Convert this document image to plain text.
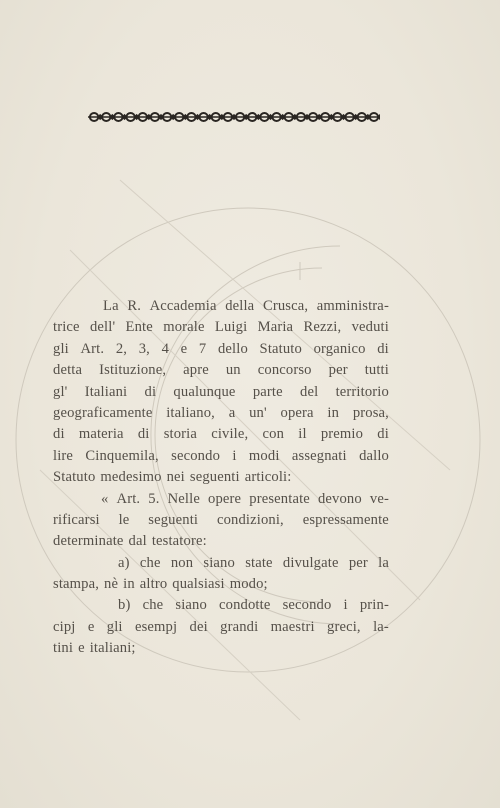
La R. Accademia della Crusca, amministra-
trice dell' Ente morale Luigi Maria Rezzi, veduti
gli Art. 2, 3, 4 e 7 dello Statuto organico di
detta Istituzione, apre un concorso per tutti
gl' Italiani di qualunque parte del territorio
geograficamente italiano, a un' opera in prosa,
di materia di storia civile, con il premio di
lire Cinquemila, secondo i modi assegnati dallo
Statuto medesimo nei seguenti articoli:
« Art. 5. Nelle opere presentate devono ve-
rificarsi le seguenti condizioni, espressamente
determinate dal testatore:
a) che non siano state divulgate per la
stampa, nè in altro qualsiasi modo;
b) che siano condotte secondo i prin-
cipj e gli esempj dei grandi maestri greci, la-
tini e italiani;
